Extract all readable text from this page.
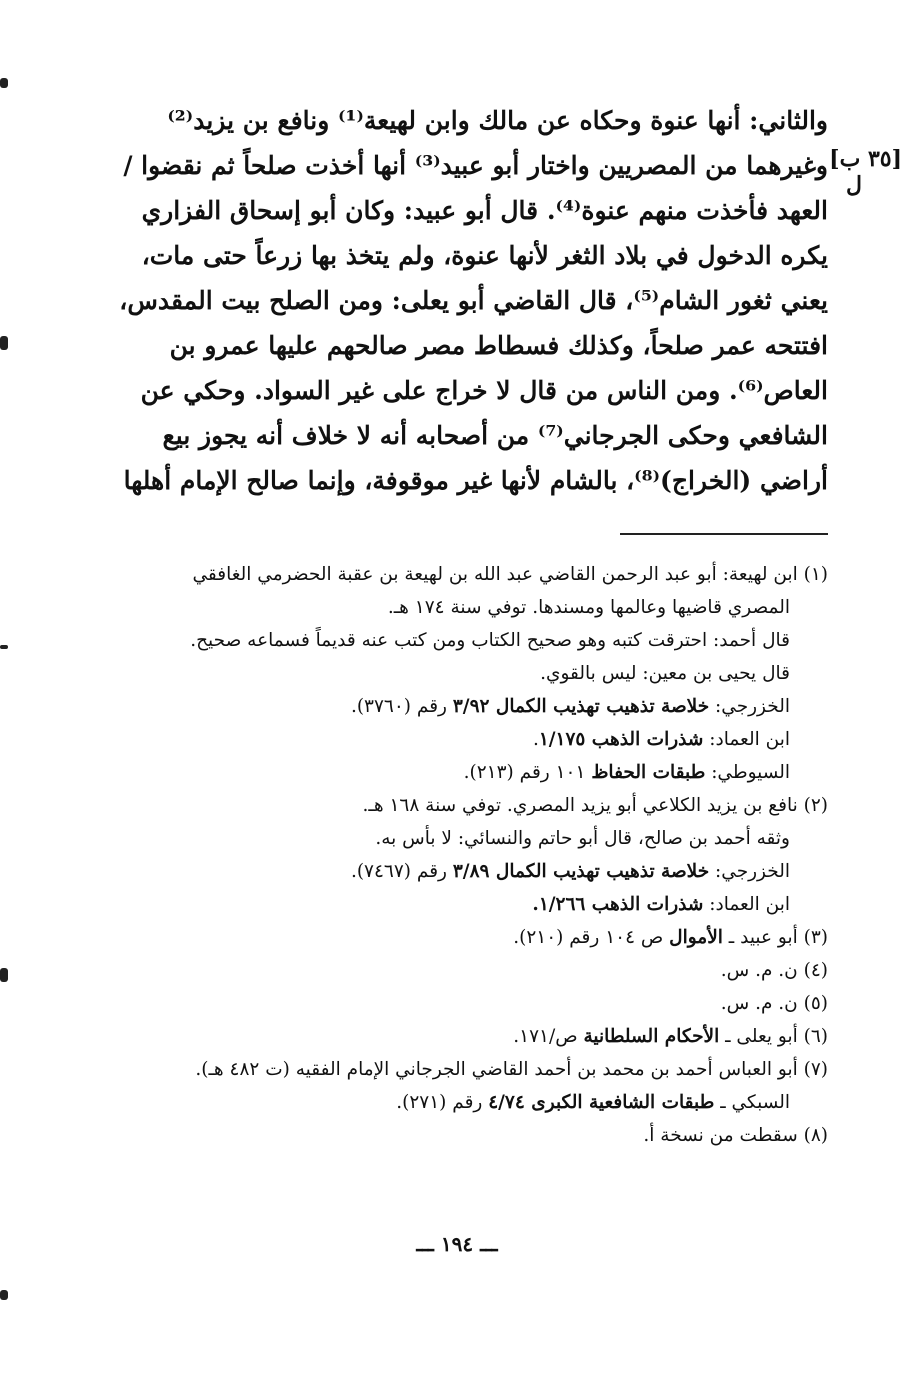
[٣٥ ب]
ل
والثاني: أنها عنوة وحكاه عن مالك وابن لهيعة⁽¹⁾ ونافع بن يزيد⁽²⁾
وغيرهما من المصريين واختار أبو عبيد⁽³⁾ أنها أخذت صلحاً ثم نقضوا /
العهد فأخذت منهم عنوة⁽⁴⁾. قال أبو عبيد: وكان أبو إسحاق الفزاري
يكره الدخول في بلاد الثغر لأنها عنوة، ولم يتخذ بها زرعاً حتى مات،
يعني ثغور الشام⁽⁵⁾، قال القاضي أبو يعلى: ومن الصلح بيت المقدس،
افتتحه عمر صلحاً، وكذلك فسطاط مصر صالحهم عليها عمرو بن
العاص⁽⁶⁾. ومن الناس من قال لا خراج على غير السواد. وحكي عن
الشافعي وحكى الجرجاني⁽⁷⁾ من أصحابه أنه لا خلاف أنه يجوز بيع
أراضي (الخراج)⁽⁸⁾، بالشام لأنها غير موقوفة، وإنما صالح الإمام أهلها
(١) ابن لهيعة: أبو عبد الرحمن القاضي عبد الله بن لهيعة بن عقبة الحضرمي الغافقي
المصري قاضيها وعالمها ومسندها. توفي سنة ١٧٤ هـ.
قال أحمد: احترقت كتبه وهو صحيح الكتاب ومن كتب عنه قديماً فسماعه صحيح.
قال يحيى بن معين: ليس بالقوي.
الخزرجي: خلاصة تذهيب تهذيب الكمال ٣/٩٢ رقم (٣٧٦٠).
ابن العماد: شذرات الذهب ١/١٧٥.
السيوطي: طبقات الحفاظ ١٠١ رقم (٢١٣).
(٢) نافع بن يزيد الكلاعي أبو يزيد المصري. توفي سنة ١٦٨ هـ.
وثقه أحمد بن صالح، قال أبو حاتم والنسائي: لا بأس به.
الخزرجي: خلاصة تذهيب تهذيب الكمال ٣/٨٩ رقم (٧٤٦٧).
ابن العماد: شذرات الذهب ١/٢٦٦.
(٣) أبو عبيد ـ الأموال ص ١٠٤ رقم (٢١٠).
(٤) ن. م. س.
(٥) ن. م. س.
(٦) أبو يعلى ـ الأحكام السلطانية ص/١٧١.
(٧) أبو العباس أحمد بن محمد بن أحمد القاضي الجرجاني الإمام الفقيه (ت ٤٨٢ هـ).
السبكي ـ طبقات الشافعية الكبرى ٤/٧٤ رقم (٢٧١).
(٨) سقطت من نسخة أ.
ـــ ١٩٤ ـــ
